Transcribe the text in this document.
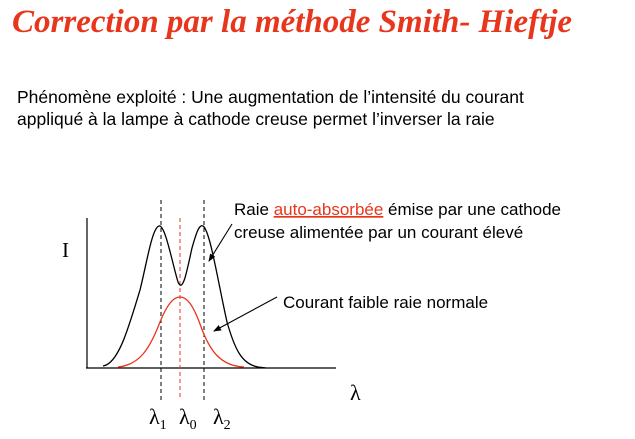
Correction par la méthode Smith- Hieftje

Phénomène exploité : Une augmentation de l’intensité du courant
appliqué à la lampe à cathode creuse permet l’inverser la raie

I
λ
Raie auto-absorbée émise par une cathode
creuse alimentée par un courant élevé
Courant faible raie normale
$\lambda_1$ $\lambda_0$ $\lambda_2$
